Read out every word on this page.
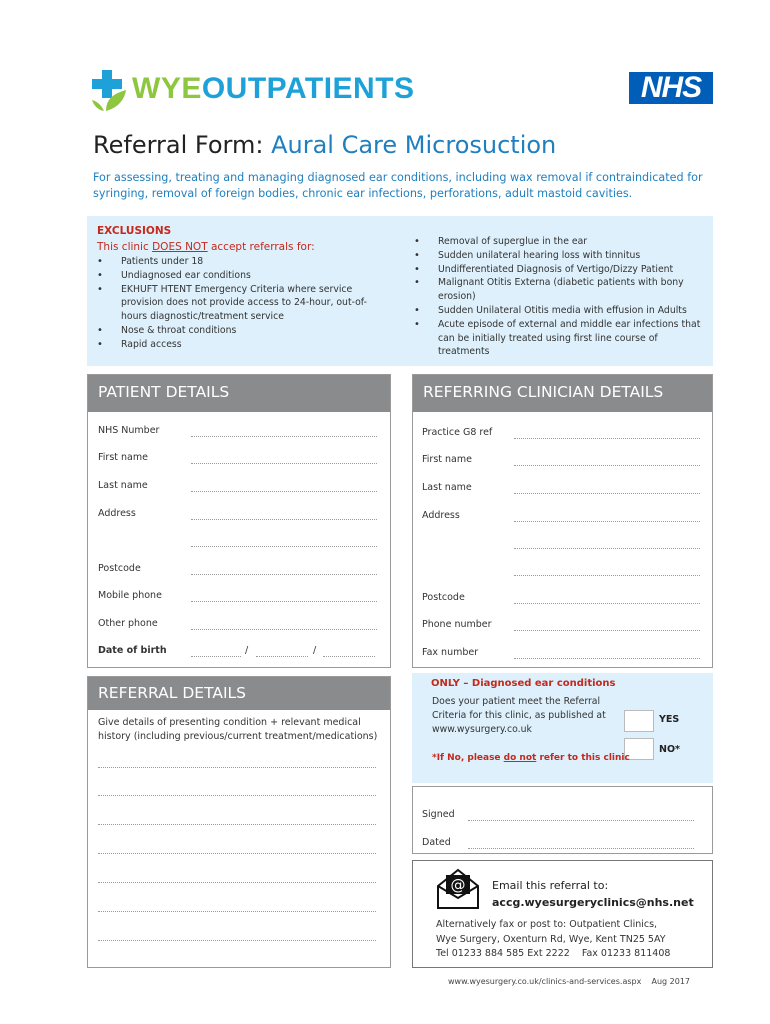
WYEOUTPATIENTS	NHS
Referral Form: Aural Care Microsuction
For assessing, treating and managing diagnosed ear conditions, including wax removal if contraindicated for syringing, removal of foreign bodies, chronic ear infections, perforations, adult mastoid cavities.
EXCLUSIONS
This clinic DOES NOT accept referrals for:
• Patients under 18
• Undiagnosed ear conditions
• EKHUFT HTENT Emergency Criteria where service provision does not provide access to 24-hour, out-of-hours diagnostic/treatment service
• Nose & throat conditions
• Rapid access
• Removal of superglue in the ear
• Sudden unilateral hearing loss with tinnitus
• Undifferentiated Diagnosis of Vertigo/Dizzy Patient
• Malignant Otitis Externa (diabetic patients with bony erosion)
• Sudden Unilateral Otitis media with effusion in Adults
• Acute episode of external and middle ear infections that can be initially treated using first line course of treatments
PATIENT DETAILS
NHS Number
First name
Last name
Address
Postcode
Mobile phone
Other phone
Date of birth	/	/
REFERRING CLINICIAN DETAILS
Practice G8 ref
First name
Last name
Address
Postcode
Phone number
Fax number
REFERRAL DETAILS
Give details of presenting condition + relevant medical history (including previous/current treatment/medications)
ONLY – Diagnosed ear conditions
Does your patient meet the Referral Criteria for this clinic, as published at www.wysurgery.co.uk
YES
NO*
*If No, please do not refer to this clinic
Signed
Dated
@ Email this referral to:
accg.wyesurgeryclinics@nhs.net
Alternatively fax or post to: Outpatient Clinics,
Wye Surgery, Oxenturn Rd, Wye, Kent TN25 5AY
Tel 01233 884 585 Ext 2222    Fax 01233 811408
www.wyesurgery.co.uk/clinics-and-services.aspx Aug 2017
